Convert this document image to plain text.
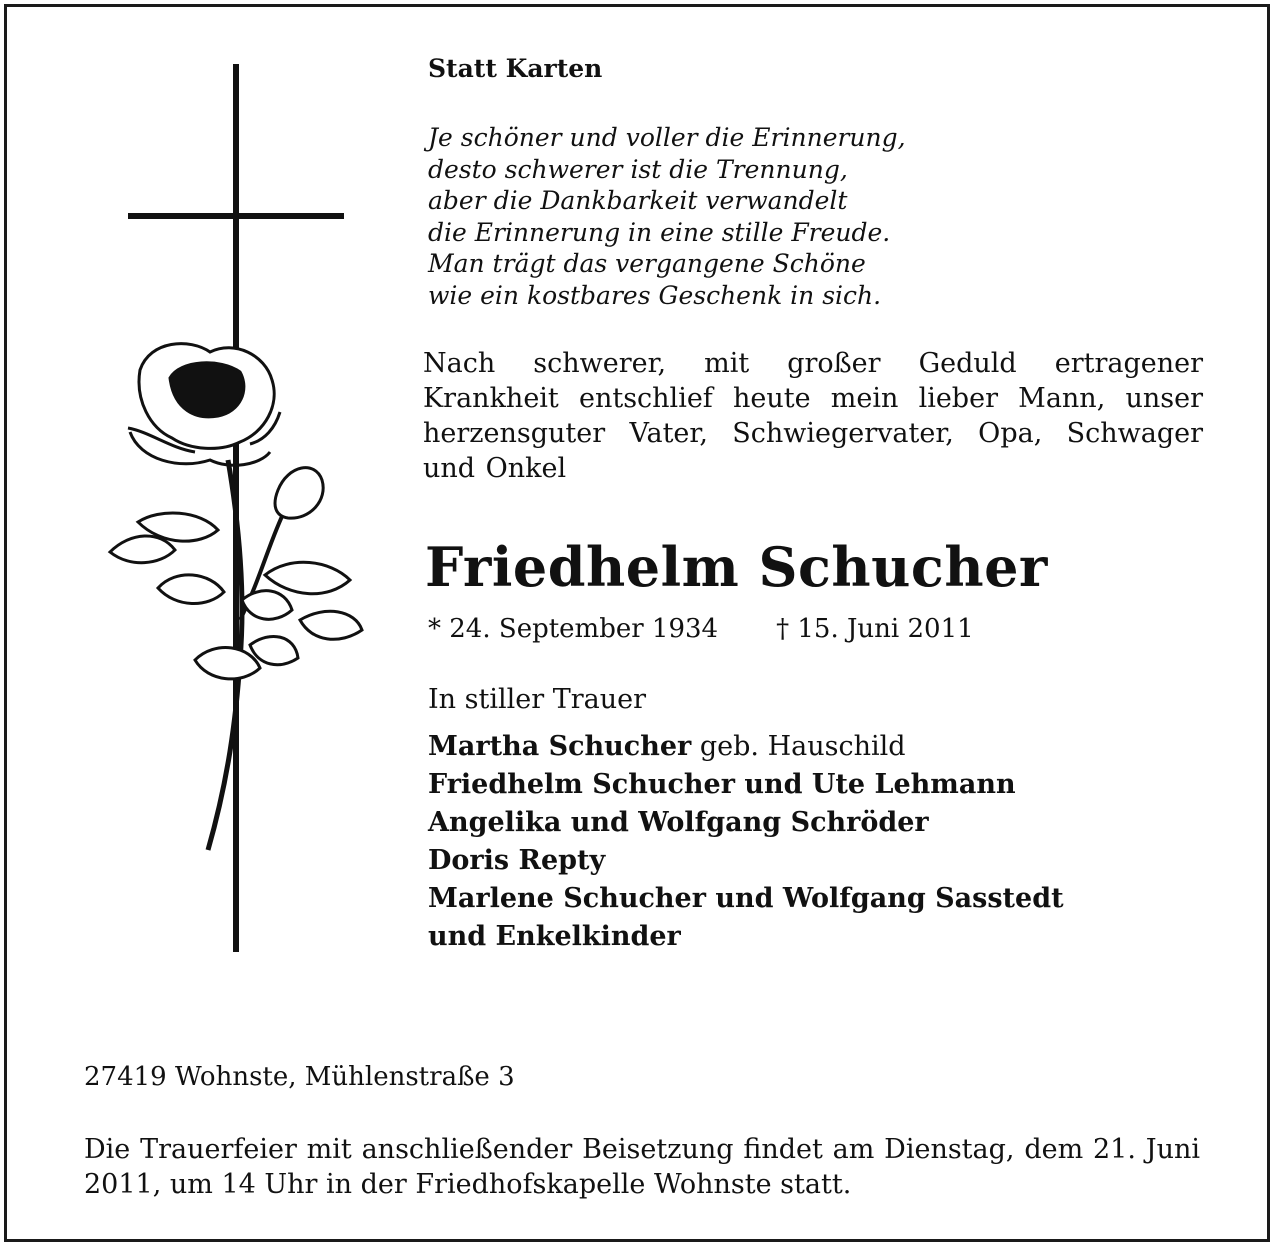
Statt Karten

Je schöner und voller die Erinnerung,
desto schwerer ist die Trennung,
aber die Dankbarkeit verwandelt
die Erinnerung in eine stille Freude.
Man trägt das vergangene Schöne
wie ein kostbares Geschenk in sich.

Nach schwerer, mit großer Geduld ertragener Krankheit entschlief heute mein lieber Mann, unser herzensguter Vater, Schwiegervater, Opa, Schwager und Onkel

Friedhelm Schucher

* 24. September 1934 † 15. Juni 2011

In stiller Trauer

Martha Schucher geb. Hauschild
Friedhelm Schucher und Ute Lehmann
Angelika und Wolfgang Schröder
Doris Repty
Marlene Schucher und Wolfgang Sasstedt
und Enkelkinder

27419 Wohnste, Mühlenstraße 3

Die Trauerfeier mit anschließender Beisetzung findet am Dienstag, dem 21. Juni 2011, um 14 Uhr in der Friedhofskapelle Wohnste statt.
